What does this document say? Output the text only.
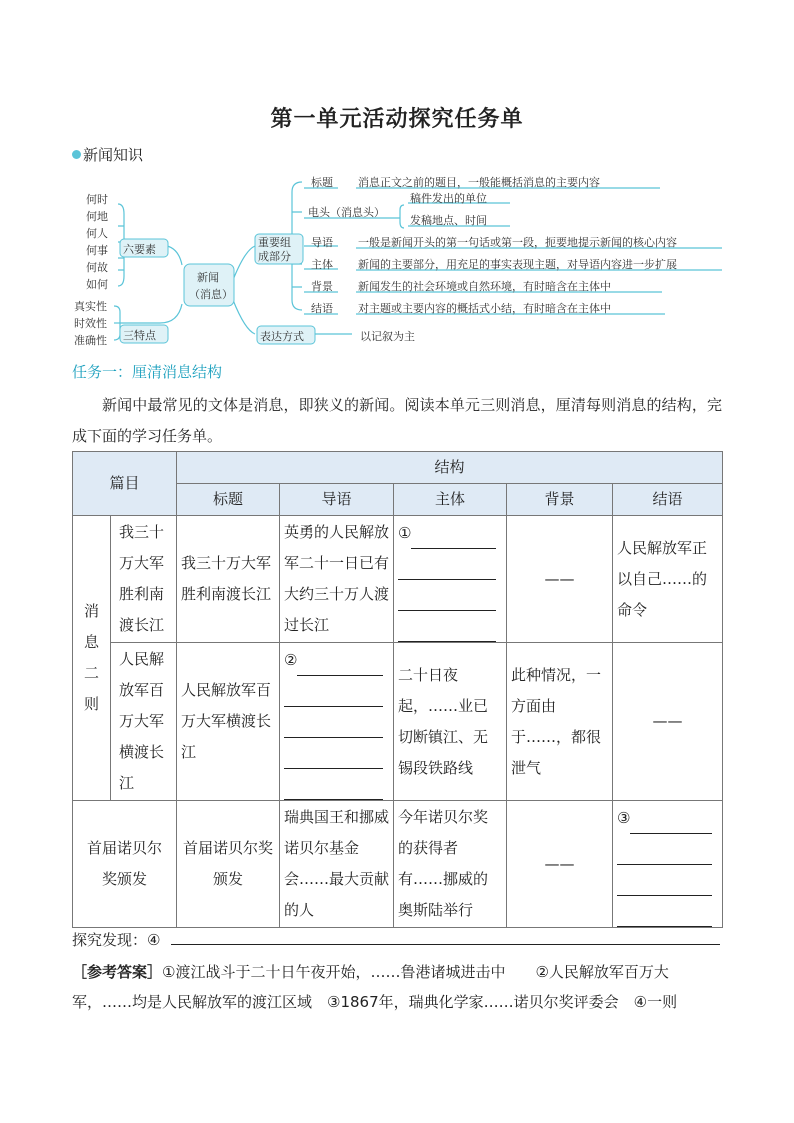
第一单元活动探究任务单
新闻知识
何时
何地
何人
何事
何故
如何
六要素
真实性
时效性
准确性 三特点
新闻
（消息）
重要组
成部分
表达方式	以记叙为主
标题 消息正文之前的题目，一般能概括消息的主要内容
电头（消息头）
稿件发出的单位
发稿地点、时间
导语 一般是新闻开头的第一句话或第一段，扼要地提示新闻的核心内容
主体 新闻的主要部分，用充足的事实表现主题，对导语内容进一步扩展
背景 新闻发生的社会环境或自然环境，有时暗含在主体中
结语 对主题或主要内容的概括式小结，有时暗含在主体中
任务一：厘清消息结构
新闻中最常见的文体是消息，即狭义的新闻。阅读本单元三则消息，厘清每则消息的结构，完成下面的学习任务单。
篇目		结构				
		标题	导语	主体	背景	结语

消
息
二
则	我三十万大军胜利南渡长江	我三十万大军胜利南渡长江	英勇的人民解放军二十一日已有大约三十万人渡过长江	①	——	人民解放军正以自己……的命令
	人民解放军百万大军横渡长江	人民解放军百万大军横渡长江	②	二十日夜起，……业已切断镇江、无锡段铁路线	此种情况，一方面由于……，都很泄气	——
首届诺贝尔奖颁发		首届诺贝尔奖颁发	瑞典国王和挪威诺贝尔基金会……最大贡献的人	今年诺贝尔奖的获得者有……挪威的奥斯陆举行	——	③
探究发现：④
［参考答案］①渡江战斗于二十日午夜开始，……鲁港诸城进击中　　②人民解放军百万大军，……均是人民解放军的渡江区域　③1867年，瑞典化学家……诺贝尔奖评委会　④一则
